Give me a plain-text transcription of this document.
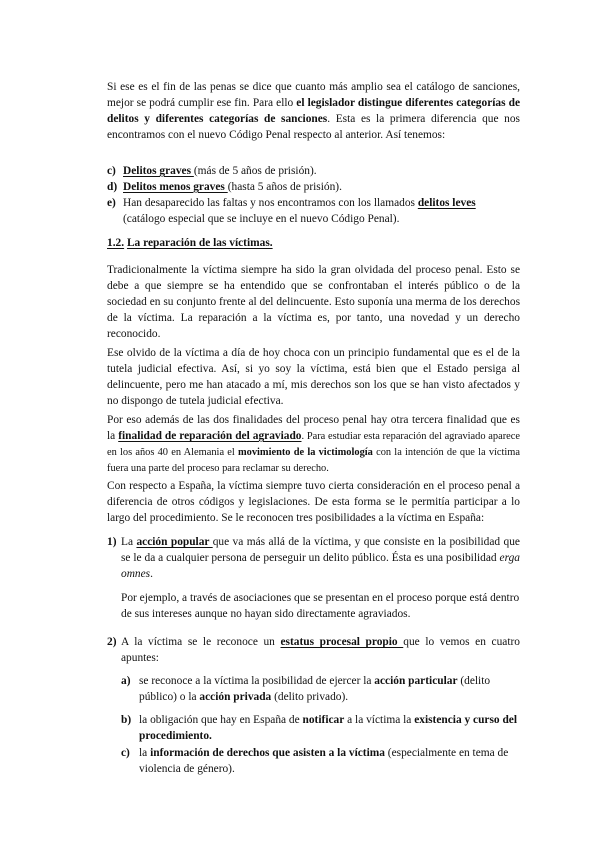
Si ese es el fin de las penas se dice que cuanto más amplio sea el catálogo de sanciones, mejor se podrá cumplir ese fin. Para ello el legislador distingue diferentes categorías de delitos y diferentes categorías de sanciones. Esta es la primera diferencia que nos encontramos con el nuevo Código Penal respecto al anterior. Así tenemos:
c) Delitos graves (más de 5 años de prisión).
d) Delitos menos graves (hasta 5 años de prisión).
e) Han desaparecido las faltas y nos encontramos con los llamados delitos leves
(catálogo especial que se incluye en el nuevo Código Penal).
1.2. La reparación de las víctimas.
Tradicionalmente la víctima siempre ha sido la gran olvidada del proceso penal. Esto se debe a que siempre se ha entendido que se confrontaban el interés público o de la sociedad en su conjunto frente al del delincuente. Esto suponía una merma de los derechos de la víctima. La reparación a la víctima es, por tanto, una novedad y un derecho reconocido.
Ese olvido de la víctima a día de hoy choca con un principio fundamental que es el de la tutela judicial efectiva. Así, si yo soy la víctima, está bien que el Estado persiga al delincuente, pero me han atacado a mí, mis derechos son los que se han visto afectados y no dispongo de tutela judicial efectiva.
Por eso además de las dos finalidades del proceso penal hay otra tercera finalidad que es la finalidad de reparación del agraviado. Para estudiar esta reparación del agraviado aparece en los años 40 en Alemania el movimiento de la victimología con la intención de que la víctima fuera una parte del proceso para reclamar su derecho.
Con respecto a España, la víctima siempre tuvo cierta consideración en el proceso penal a diferencia de otros códigos y legislaciones. De esta forma se le permitía participar a lo largo del procedimiento. Se le reconocen tres posibilidades a la víctima en España:
1) La acción popular que va más allá de la víctima, y que consiste en la posibilidad que se le da a cualquier persona de perseguir un delito público. Ésta es una posibilidad erga omnes.
Por ejemplo, a través de asociaciones que se presentan en el proceso porque está dentro de sus intereses aunque no hayan sido directamente agraviados.
2) A la víctima se le reconoce un estatus procesal propio que lo vemos en cuatro apuntes:
a) se reconoce a la víctima la posibilidad de ejercer la acción particular (delito público) o la acción privada (delito privado).
b) la obligación que hay en España de notificar a la víctima la existencia y curso del procedimiento.
c) la información de derechos que asisten a la víctima (especialmente en tema de violencia de género).
